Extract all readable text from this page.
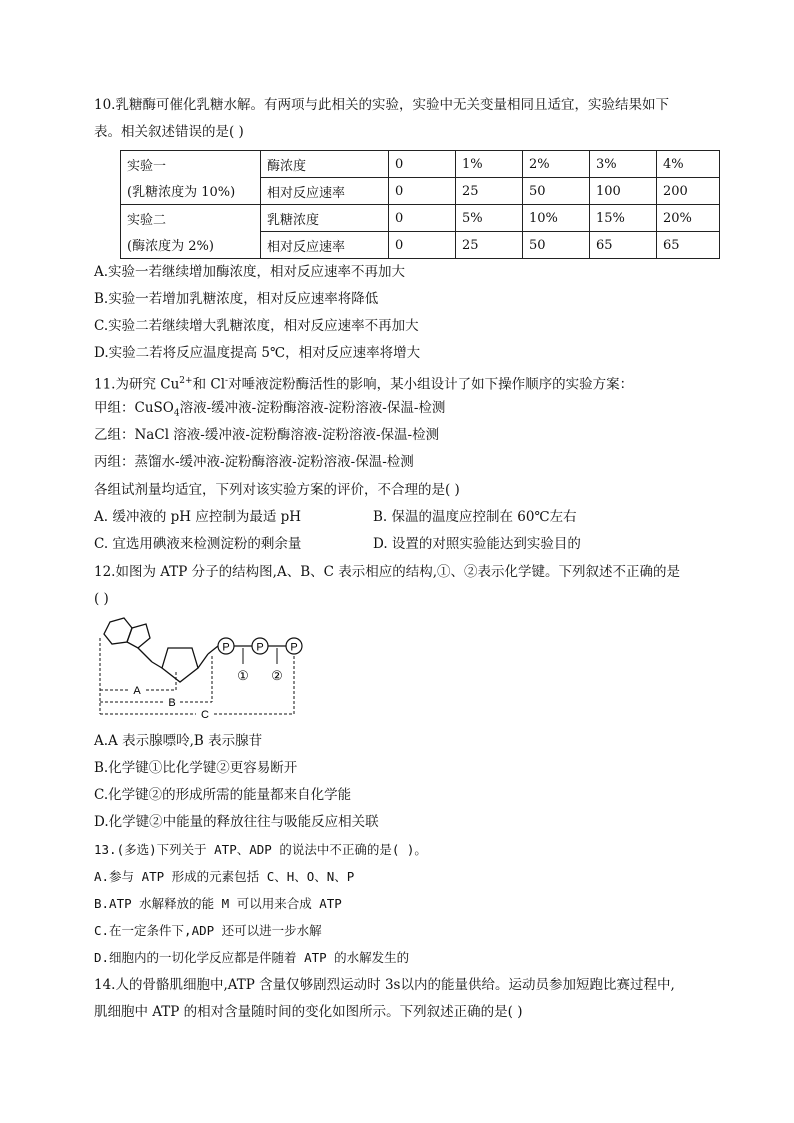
10.乳糖酶可催化乳糖水解。有两项与此相关的实验，实验中无关变量相同且适宜，实验结果如下
表。相关叙述错误的是( )
实验一	酶浓度	0	1%	2%	3%	4%
(乳糖浓度为 10%)	相对反应速率	0	25	50	100	200
实验二	乳糖浓度	0	5%	10%	15%	20%
(酶浓度为 2%)	相对反应速率	0	25	50	65	65
A.实验一若继续增加酶浓度，相对反应速率不再加大
B.实验一若增加乳糖浓度，相对反应速率将降低
C.实验二若继续增大乳糖浓度，相对反应速率不再加大
D.实验二若将反应温度提高 5℃，相对反应速率将增大
11.为研究 $Cu^{2+}$和 Cl-对唾液淀粉酶活性的影响，某小组设计了如下操作顺序的实验方案：
甲组：CuSO$_4$溶液-缓冲液-淀粉酶溶液-淀粉溶液-保温-检测
乙组：NaCl 溶液-缓冲液-淀粉酶溶液-淀粉溶液-保温-检测
丙组：蒸馏水-缓冲液-淀粉酶溶液-淀粉溶液-保温-检测
各组试剂量均适宜，下列对该实验方案的评价，不合理的是( )
A. 缓冲液的 pH 应控制为最适 pH	B. 保温的温度应控制在 60℃左右
C. 宜选用碘液来检测淀粉的剩余量	D. 设置的对照实验能达到实验目的
12.如图为 ATP 分子的结构图,A、B、C 表示相应的结构,①、②表示化学键。下列叙述不正确的是
( )
P P P
① ②
A
B
C
A.A 表示腺嘌呤,B 表示腺苷
B.化学键①比化学键②更容易断开
C.化学键②的形成所需的能量都来自化学能
D.化学键②中能量的释放往往与吸能反应相关联
13.(多选)下列关于 ATP、ADP 的说法中不正确的是( )。
A.参与 ATP 形成的元素包括 C、H、O、N、P
B.ATP 水解释放的能 M 可以用来合成 ATP
C.在一定条件下,ADP 还可以进一步水解
D.细胞内的一切化学反应都是伴随着 ATP 的水解发生的
14.人的骨骼肌细胞中,ATP 含量仅够剧烈运动时 3s以内的能量供给。运动员参加短跑比赛过程中,
肌细胞中 ATP 的相对含量随时间的变化如图所示。下列叙述正确的是( )
